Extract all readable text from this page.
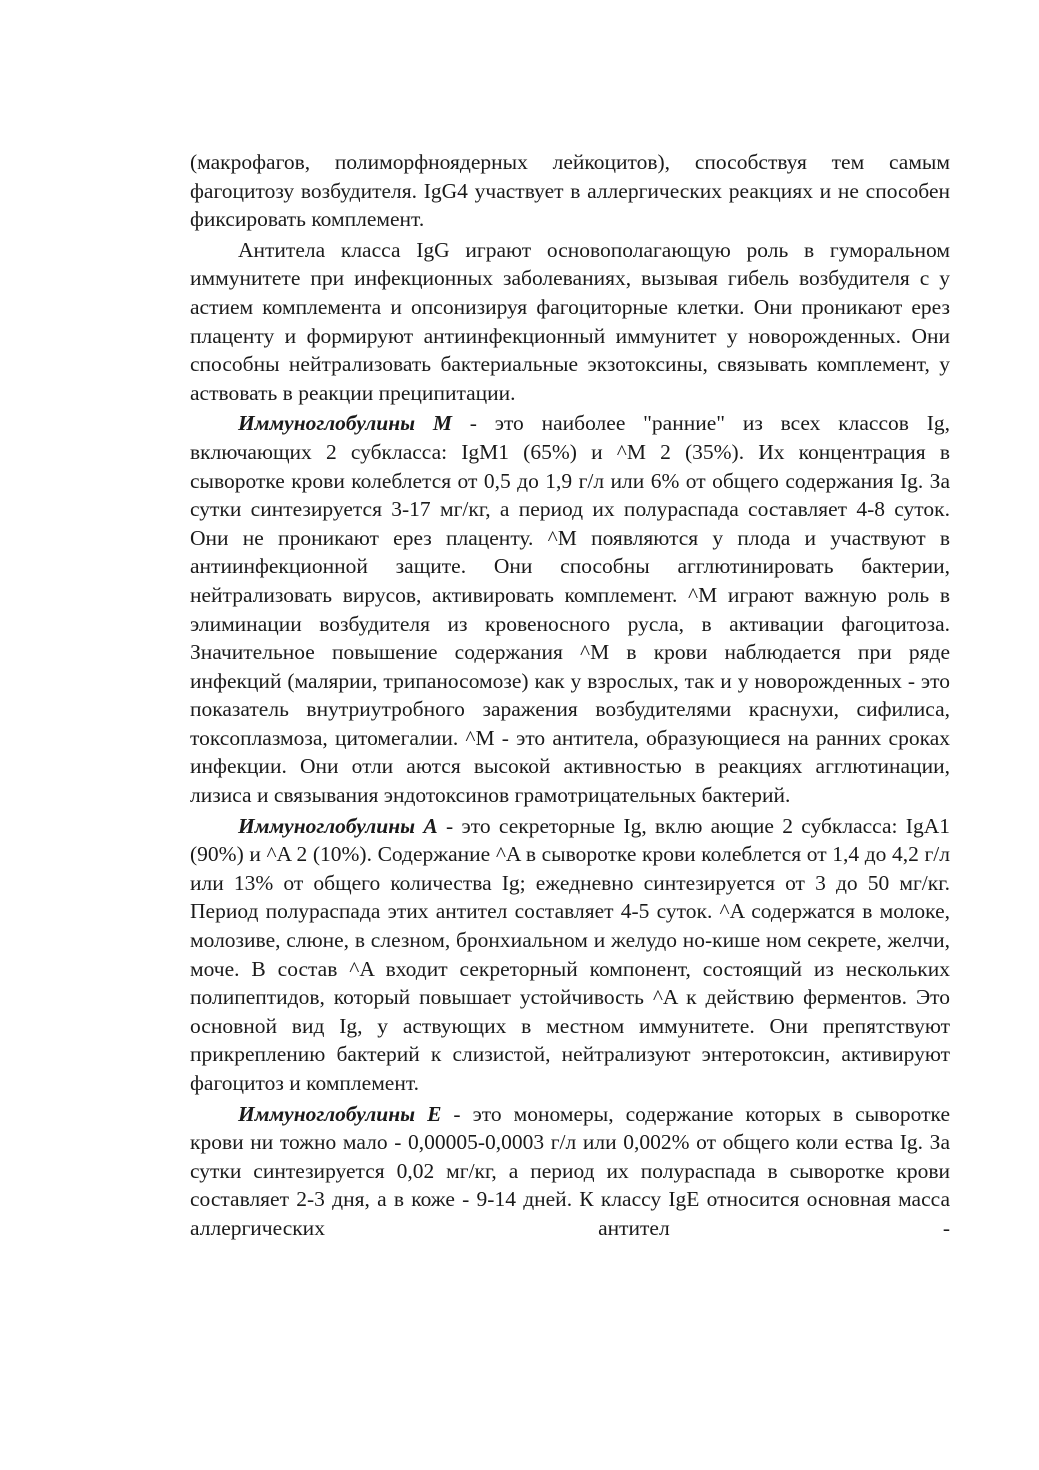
(макрофагов, полиморфноядерных лейкоцитов), способствуя тем самым фагоцитозу возбудителя. IgG4 участвует в аллергических реакциях и не способен фиксировать комплемент.

Антитела класса IgG играют основополагающую роль в гуморальном иммунитете при инфекционных заболеваниях, вызывая гибель возбудителя с у астием комплемента и опсонизируя фагоциторные клетки. Они проникают ерез плаценту и формируют антиинфекционный иммунитет у новорожденных. Они способны нейтрализовать бактериальные экзотоксины, связывать комплемент, у аствовать в реакции преципитации.

Иммуноглобулины М - это наиболее "ранние" из всех классов Ig, включающих 2 субкласса: IgM1 (65%) и ^M 2 (35%). Их концентрация в сыворотке крови колеблется от 0,5 до 1,9 г/л или 6% от общего содержания Ig. За сутки синтезируется 3-17 мг/кг, а период их полураспада составляет 4-8 суток. Они не проникают ерез плаценту. ^M появляются у плода и участвуют в антиинфекционной защите. Они способны агглютинировать бактерии, нейтрализовать вирусов, активировать комплемент. ^M играют важную роль в элиминации возбудителя из кровеносного русла, в активации фагоцитоза. Значительное повышение содержания ^M в крови наблюдается при ряде инфекций (малярии, трипаносомозе) как у взрослых, так и у новорожденных - это показатель внутриутробного заражения возбудителями краснухи, сифилиса, токсоплазмоза, цитомегалии. ^M - это антитела, образующиеся на ранних сроках инфекции. Они отли аются высокой активностью в реакциях агглютинации, лизиса и связывания эндотоксинов грамотрицательных бактерий.

Иммуноглобулины А - это секреторные Ig, вклю ающие 2 субкласса: IgA1 (90%) и ^A 2 (10%). Содержание ^A в сыворотке крови колеблется от 1,4 до 4,2 г/л или 13% от общего количества Ig; ежедневно синтезируется от 3 до 50 мг/кг. Период полураспада этих антител составляет 4-5 суток. ^A содержатся в молоке, молозиве, слюне, в слезном, бронхиальном и желудо но-кише ном секрете, желчи, моче. В состав ^A входит секреторный компонент, состоящий из нескольких полипептидов, который повышает устойчивость ^A к действию ферментов. Это основной вид Ig, у аствующих в местном иммунитете. Они препятствуют прикреплению бактерий к слизистой, нейтрализуют энтеротоксин, активируют фагоцитоз и комплемент.

Иммуноглобулины Е - это мономеры, содержание которых в сыворотке крови ни тожно мало - 0,00005-0,0003 г/л или 0,002% от общего коли ества Ig. За сутки синтезируется 0,02 мг/кг, а период их полураспада в сыворотке крови составляет 2-3 дня, а в коже - 9-14 дней. К классу IgE относится основная масса аллергических антител -
